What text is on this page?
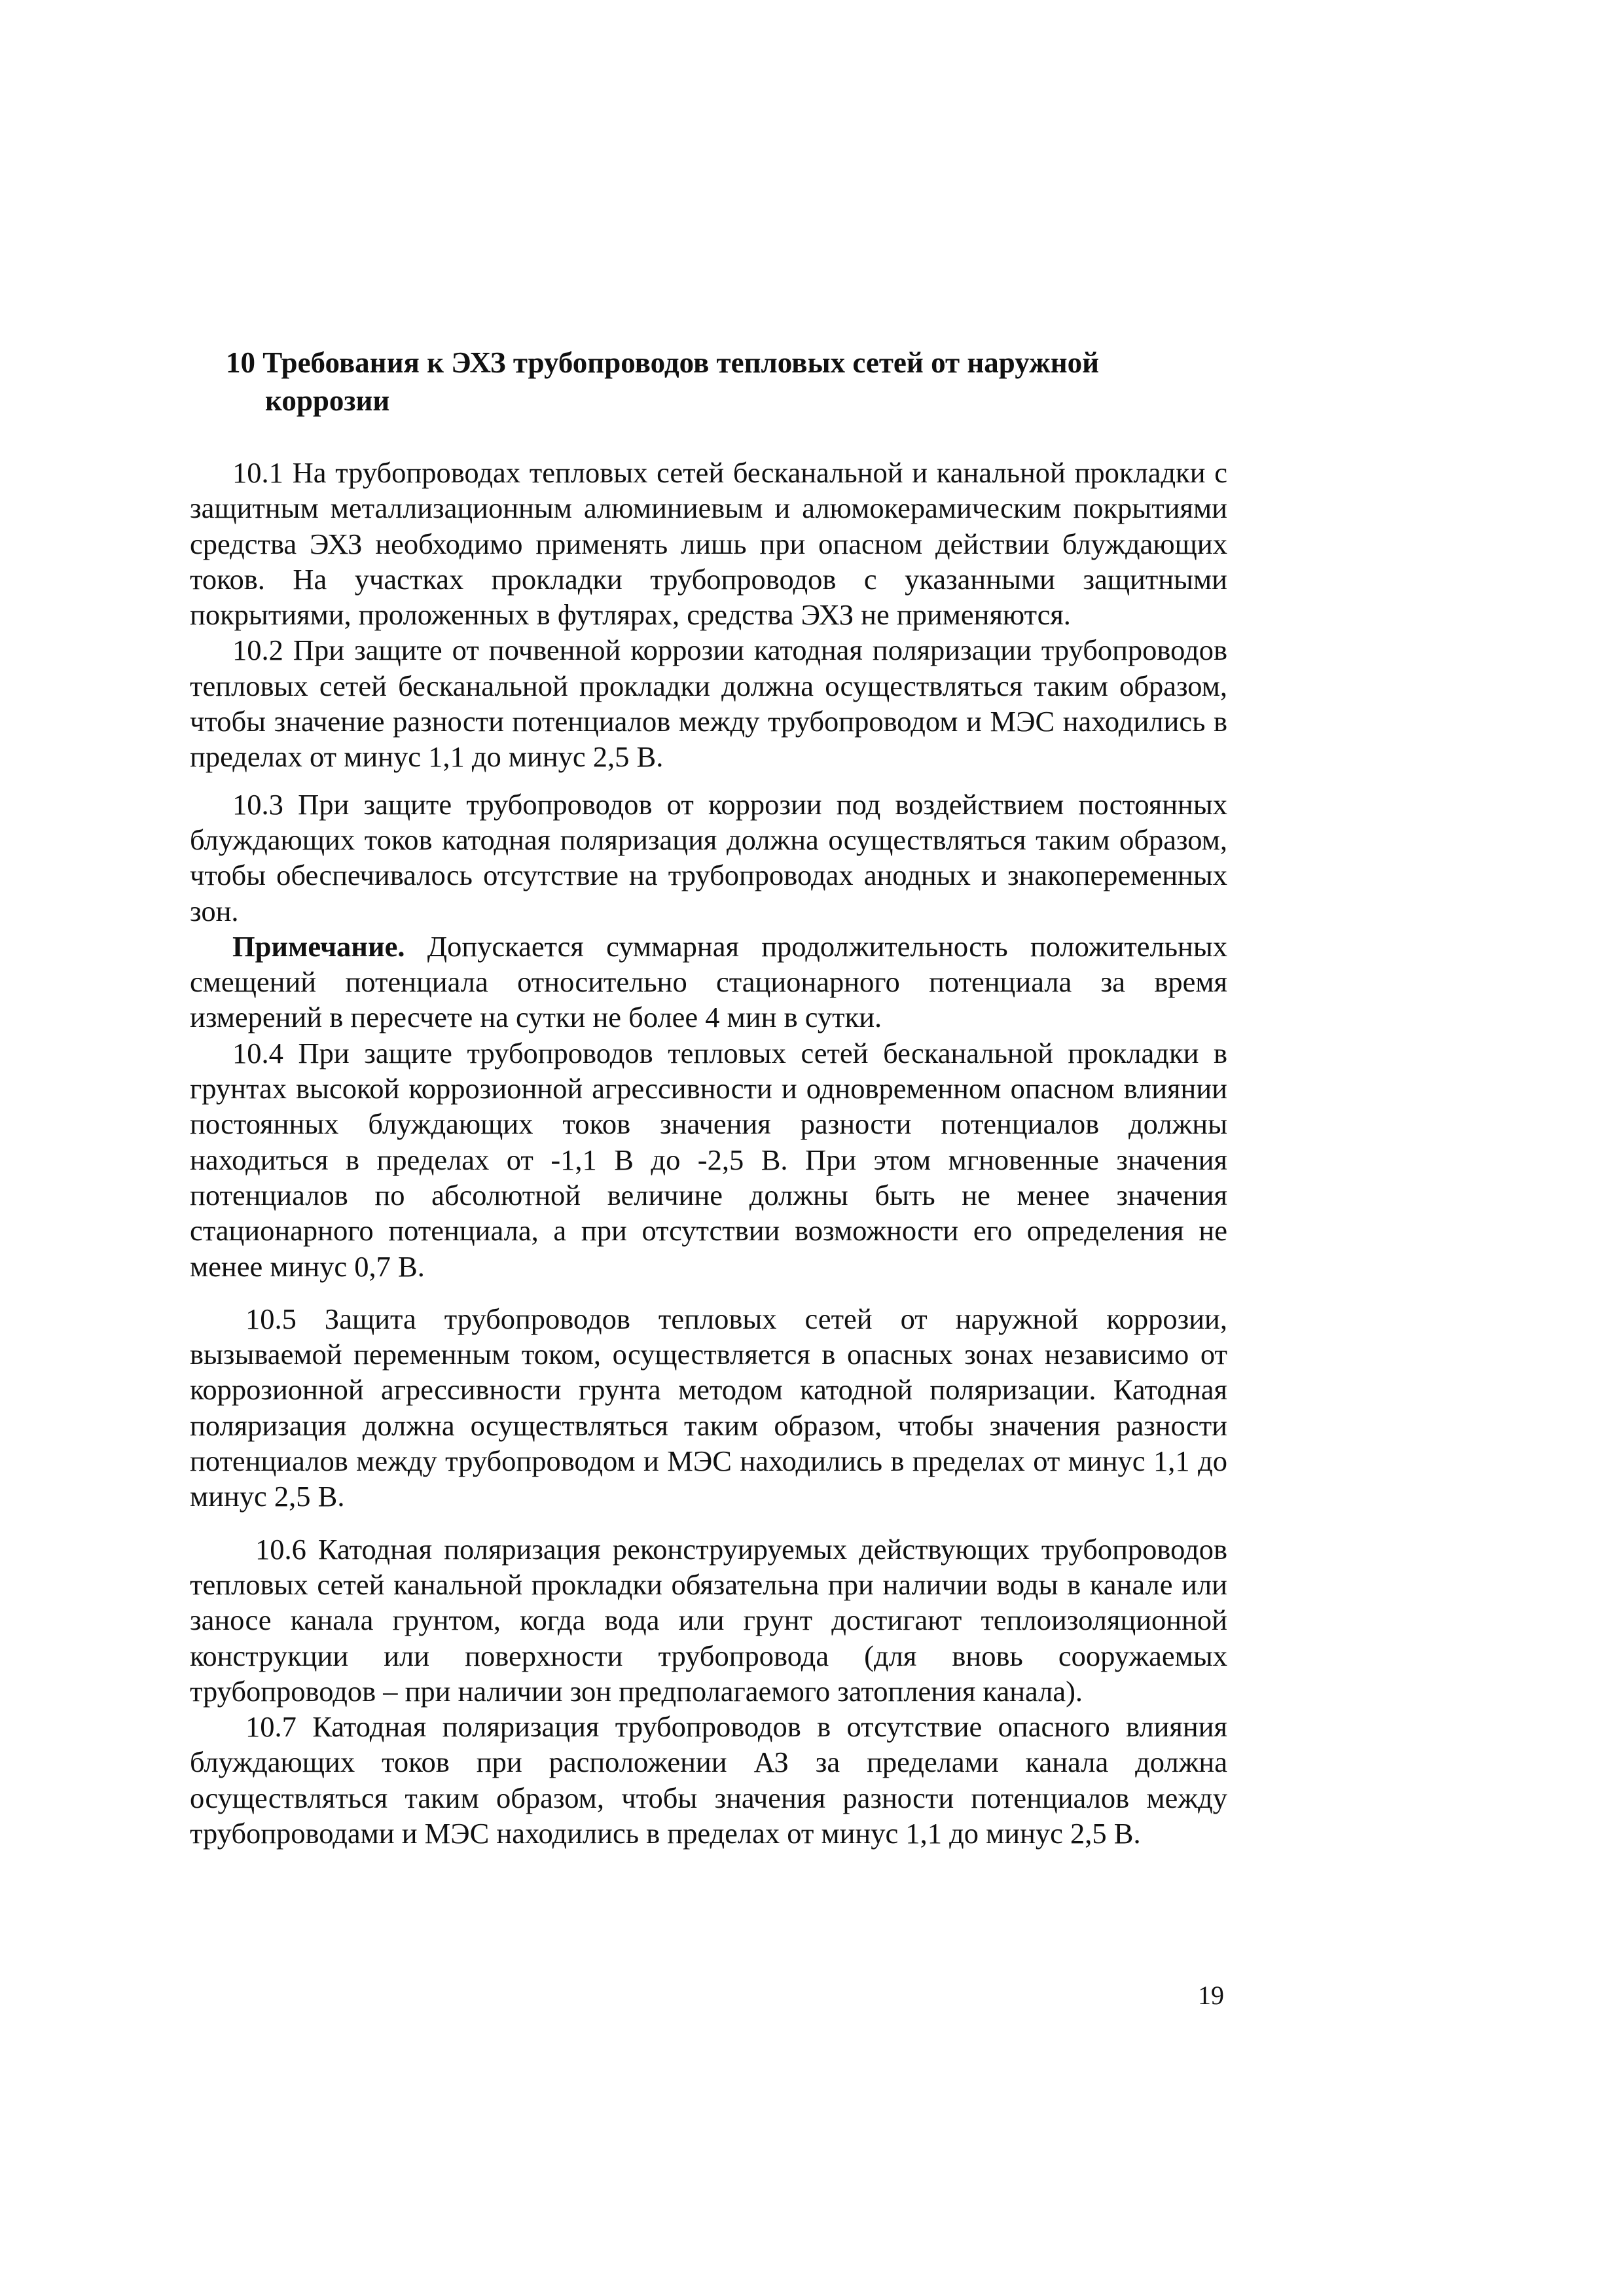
10 Требования к ЭХЗ трубопроводов тепловых сетей от наружной
коррозии

10.1 На трубопроводах тепловых сетей бесканальной и канальной прокладки с защитным металлизационным алюминиевым и алюмокерамическим покрытиями средства ЭХЗ необходимо применять лишь при опасном действии блуждающих токов. На участках прокладки трубопроводов с указанными защитными покрытиями, проложенных в футлярах, средства ЭХЗ не применяются.

10.2 При защите от почвенной коррозии катодная поляризации трубопроводов тепловых сетей бесканальной прокладки должна осуществляться таким образом, чтобы значение разности потенциалов между трубопроводом и МЭС находились в пределах от минус 1,1 до минус 2,5 В.

10.3 При защите трубопроводов от коррозии под воздействием постоянных блуждающих токов катодная поляризация должна осуществляться таким образом, чтобы обеспечивалось отсутствие на трубопроводах анодных и знакопеременных зон.

Примечание. Допускается суммарная продолжительность положительных смещений потенциала относительно стационарного потенциала за время измерений в пересчете на сутки не более 4 мин в сутки.

10.4 При защите трубопроводов тепловых сетей бесканальной прокладки в грунтах высокой коррозионной агрессивности и одновременном опасном влиянии постоянных блуждающих токов значения разности потенциалов должны находиться в пределах от -1,1 В до -2,5 В. При этом мгновенные значения потенциалов по абсолютной величине должны быть не менее значения стационарного потенциала, а при отсутствии возможности его определения не менее минус 0,7 В.

10.5 Защита трубопроводов тепловых сетей от наружной коррозии, вызываемой переменным током, осуществляется в опасных зонах независимо от коррозионной агрессивности грунта методом катодной поляризации. Катодная поляризация должна осуществляться таким образом, чтобы значения разности потенциалов между трубопроводом и МЭС находились в пределах от минус 1,1 до минус 2,5 В.

10.6 Катодная поляризация реконструируемых действующих трубопроводов тепловых сетей канальной прокладки обязательна при наличии воды в канале или заносе канала грунтом, когда вода или грунт достигают теплоизоляционной конструкции или поверхности трубопровода (для вновь сооружаемых трубопроводов – при наличии зон предполагаемого затопления канала).

10.7 Катодная поляризация трубопроводов в отсутствие опасного влияния блуждающих токов при расположении АЗ за пределами канала должна осуществляться таким образом, чтобы значения разности потенциалов между трубопроводами и МЭС находились в пределах от минус 1,1 до минус 2,5 В.

19
